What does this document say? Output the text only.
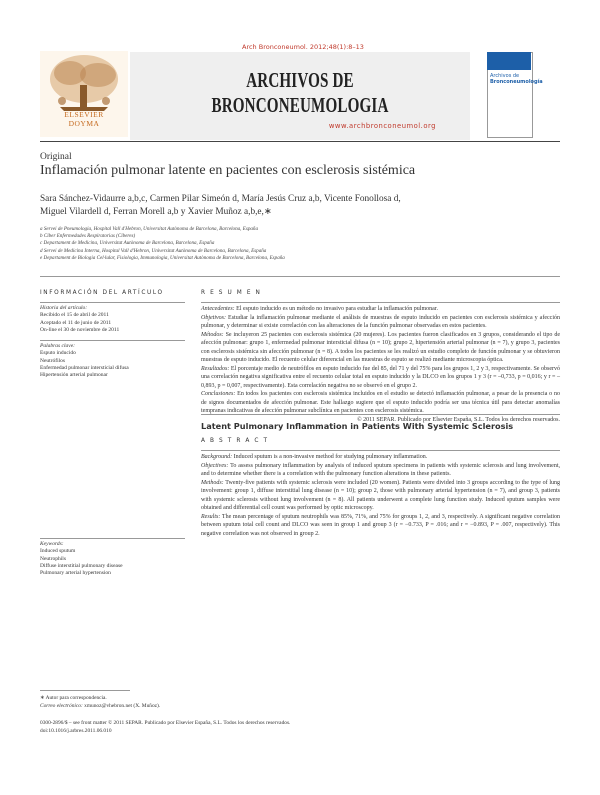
Arch Bronconeumol. 2012;48(1):8–13
ELSEVIER
DOYMA
ARCHIVOS DE BRONCONEUMOLOGIA
www.archbronconeumol.org
Archivos de
Bronconeumología
Original
Inflamación pulmonar latente en pacientes con esclerosis sistémica
Sara Sánchez-Vidaurre a,b,c, Carmen Pilar Simeón d, María Jesús Cruz a,b, Vicente Fonollosa d,
Miguel Vilardell d, Ferran Morell a,b y Xavier Muñoz a,b,e,∗
a Servei de Pneumologia, Hospital Vall d'Hebron, Universitat Autònoma de Barcelona, Barcelona, España
b Ciber Enfermedades Respiratorias (Ciberes)
c Departament de Medicina, Universitat Autònoma de Barcelona, Barcelona, España
d Servei de Medicina Interna, Hospital Vall d'Hebron, Universitat Autònoma de Barcelona, Barcelona, España
e Departament de Biologia Cel·lular, Fisiologia, Immunologia, Universitat Autònoma de Barcelona, Barcelona, España
INFORMACIÓN DEL ARTÍCULO
Historia del artículo:
Recibido el 15 de abril de 2011
Aceptado el 11 de junio de 2011
On-line el 30 de noviembre de 2011
Palabras clave:
Esputo inducido
Neutrófilos
Enfermedad pulmonar intersticial difusa
Hipertensión arterial pulmonar
R E S U M E N

Antecedentes: El esputo inducido es un método no invasivo para estudiar la inflamación pulmonar.

Objetivos: Estudiar la inflamación pulmonar mediante el análisis de muestras de esputo inducido en pacientes con esclerosis sistémica y afección pulmonar, y determinar si existe correlación con las alteraciones de la función pulmonar observadas en estos pacientes.

Métodos: Se incluyeron 25 pacientes con esclerosis sistémica (20 mujeres). Los pacientes fueron clasificados en 3 grupos, considerando el tipo de afección pulmonar: grupo 1, enfermedad pulmonar intersticial difusa (n = 10); grupo 2, hipertensión arterial pulmonar (n = 7), y grupo 3, pacientes con esclerosis sistémica sin afección pulmonar (n = 8). A todos los pacientes se les realizó un estudio completo de función pulmonar y se obtuvieron muestras de esputo inducido. El recuento celular diferencial en las muestras de esputo se realizó mediante microscopia óptica.

Resultados: El porcentaje medio de neutrófilos en esputo inducido fue del 85, del 71 y del 75% para los grupos 1, 2 y 3, respectivamente. Se observó una correlación negativa significativa entre el recuento celular total en esputo inducido y la DLCO en los grupos 1 y 3 (r = –0,733, p = 0,016; y r = –0,893, p = 0,007, respectivamente). Esta correlación negativa no se observó en el grupo 2.

Conclusiones: En todos los pacientes con esclerosis sistémica incluidos en el estudio se detectó inflamación pulmonar, a pesar de la presencia o no de signos documentados de afección pulmonar. Este hallazgo sugiere que el esputo inducido podría ser una técnica útil para detectar anomalías tempranas indicativas de afección pulmonar subclínica en pacientes con esclerosis sistémica.

© 2011 SEPAR. Publicado por Elsevier España, S.L. Todos los derechos reservados.

Latent Pulmonary Inflammation in Patients With Systemic Sclerosis
Keywords:
Induced sputum
Neutrophils
Diffuse interstitial pulmonary disease
Pulmonary arterial hypertension
A B S T R A C T

Background: Induced sputum is a non-invasive method for studying pulmonary inflammation.

Objectives: To assess pulmonary inflammation by analysis of induced sputum specimens in patients with systemic sclerosis and lung involvement, and to determine whether there is a correlation with the pulmonary function alterations in these patients.

Methods: Twenty-five patients with systemic sclerosis were included (20 women). Patients were divided into 3 groups according to the type of lung involvement: group 1, diffuse interstitial lung disease (n = 10); group 2, those with pulmonary arterial hypertension (n = 7), and group 3, patients with systemic sclerosis without lung involvement (n = 8). All patients underwent a complete lung function study. Induced sputum samples were obtained and differential cell count was performed by optic microscopy.

Results: The mean percentage of sputum neutrophils was 85%, 71%, and 75% for groups 1, 2, and 3, respectively. A significant negative correlation between sputum total cell count and DLCO was seen in group 1 and group 3 (r = −0.733, P = .016; and r = −0.893, P = .007, respectively). This negative correlation was not observed in group 2.

∗ Autor para correspondencia.
Correo electrónico: xmunoz@vhebron.net (X. Muñoz).
0300-2896/$ – see front matter © 2011 SEPAR. Publicado por Elsevier España, S.L. Todos los derechos reservados.
doi:10.1016/j.arbres.2011.06.010
